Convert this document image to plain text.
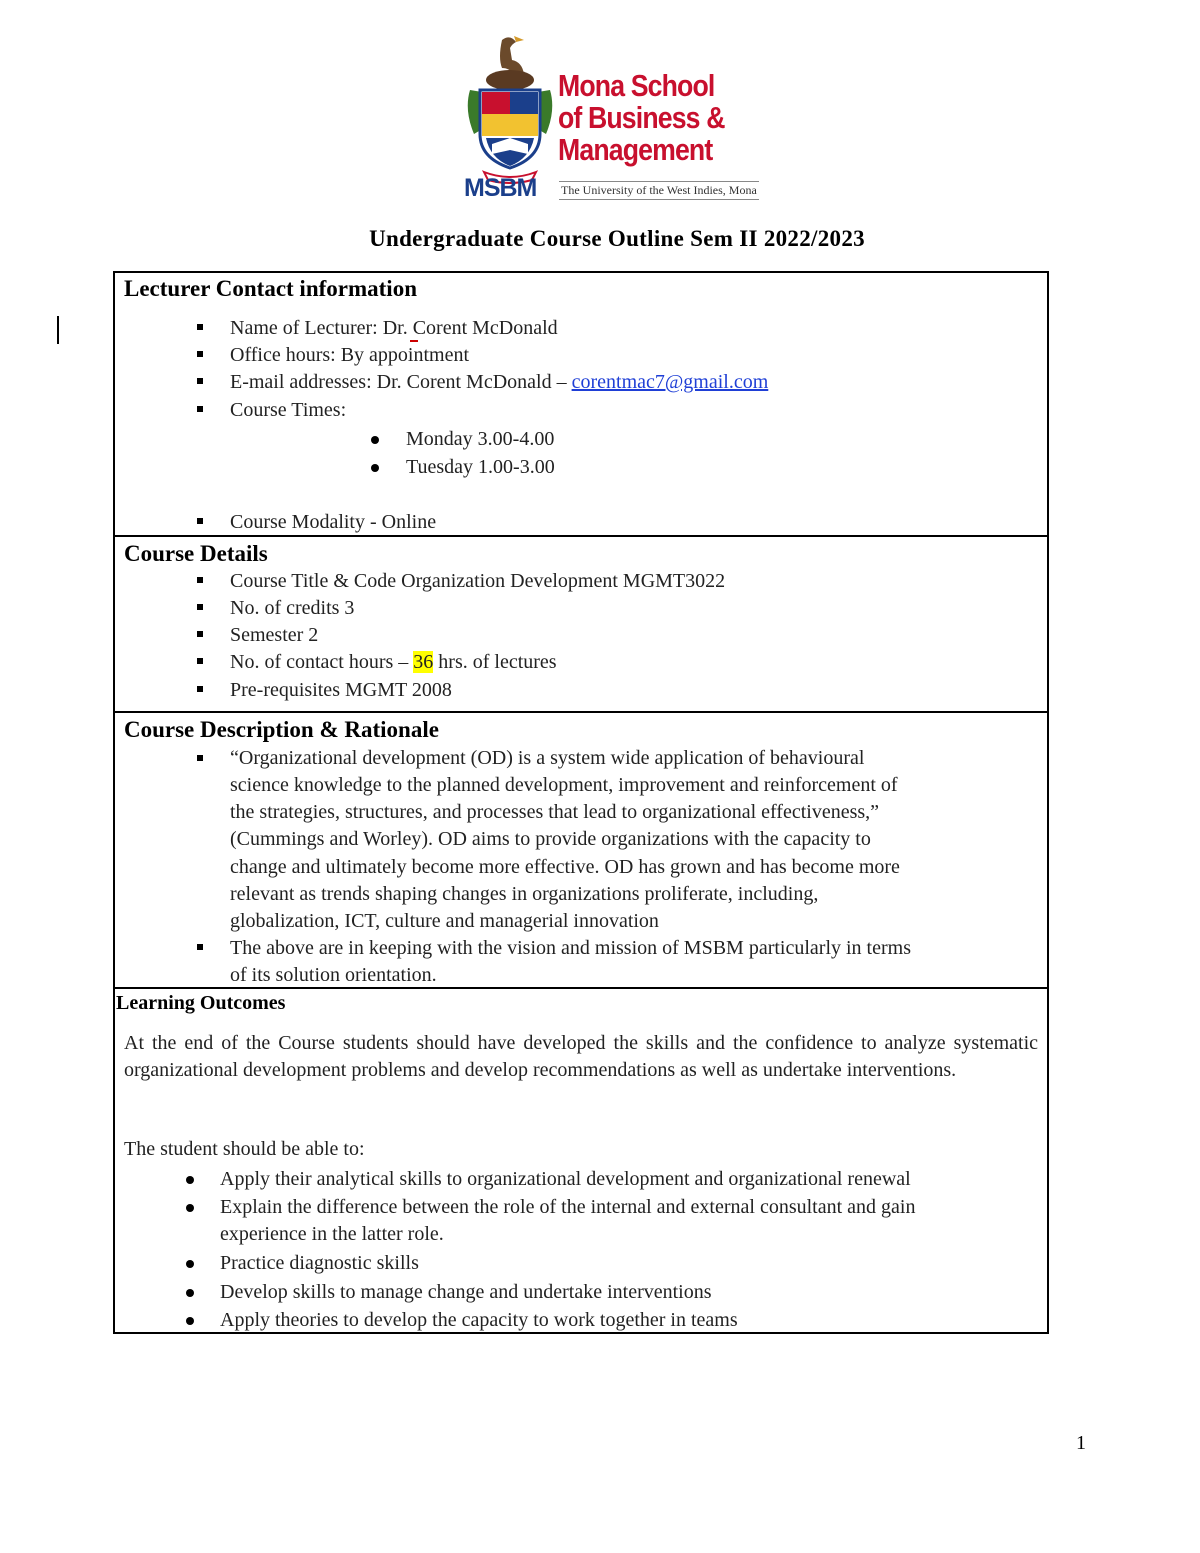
Mona School
of Business &
Management
MSBM The University of the West Indies, Mona
Undergraduate Course Outline Sem II 2022/2023
Lecturer Contact information
Name of Lecturer: Dr. Corent McDonald
Office hours: By appointment
E-mail addresses: Dr. Corent McDonald – corentmac7@gmail.com
Course Times:
Monday 3.00-4.00
Tuesday 1.00-3.00
Course Modality - Online
Course Details
Course Title & Code Organization Development MGMT3022
No. of credits 3
Semester 2
No. of contact hours – 36 hrs. of lectures
Pre-requisites MGMT 2008
Course Description & Rationale
“Organizational development (OD) is a system wide application of behavioural
science knowledge to the planned development, improvement and reinforcement of
the strategies, structures, and processes that lead to organizational effectiveness,”
(Cummings and Worley). OD aims to provide organizations with the capacity to
change and ultimately become more effective. OD has grown and has become more
relevant as trends shaping changes in organizations proliferate, including,
globalization, ICT, culture and managerial innovation
The above are in keeping with the vision and mission of MSBM particularly in terms
of its solution orientation.
Learning Outcomes
At the end of the Course students should have developed the skills and the confidence to analyze systematic organizational development problems and develop recommendations as well as undertake interventions.
The student should be able to:
Apply their analytical skills to organizational development and organizational renewal
Explain the difference between the role of the internal and external consultant and gain
experience in the latter role.
Practice diagnostic skills
Develop skills to manage change and undertake interventions
Apply theories to develop the capacity to work together in teams
1
